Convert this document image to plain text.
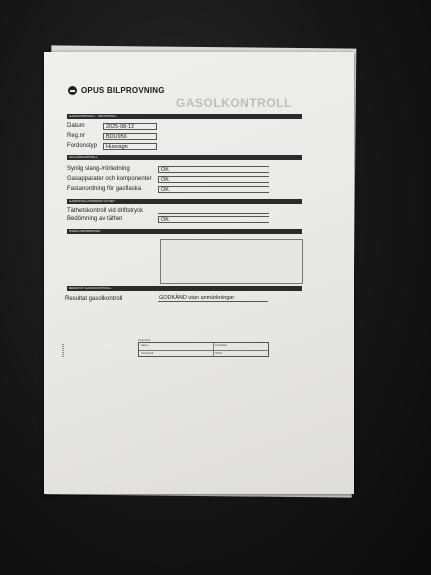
OPUS BILPROVNING
GASOLKONTROLL
GASOLKONTROLL - PROTOKOLL
Datum	2025-08-12
Reg.nr	BDU956
Fordonstyp	Husvagn
OKULÄRKONTROLL
Synlig slang-/rörledning	OK
Gasapparater och komponenter	OK
Fastanordning för gasflaska	OK
GASINSTALLATIONENS TÄTHET
Täthetskontroll vid driftstryck
Bedömning av täthet	OK
ÖVRIG INFORMATION
RESULTAT GASOLKONTROLL
Resultat gasolkontroll	GODKÄND utan anmärkningar
Underskrift
Datum	Kontrollant
Underskrift	OPUS
